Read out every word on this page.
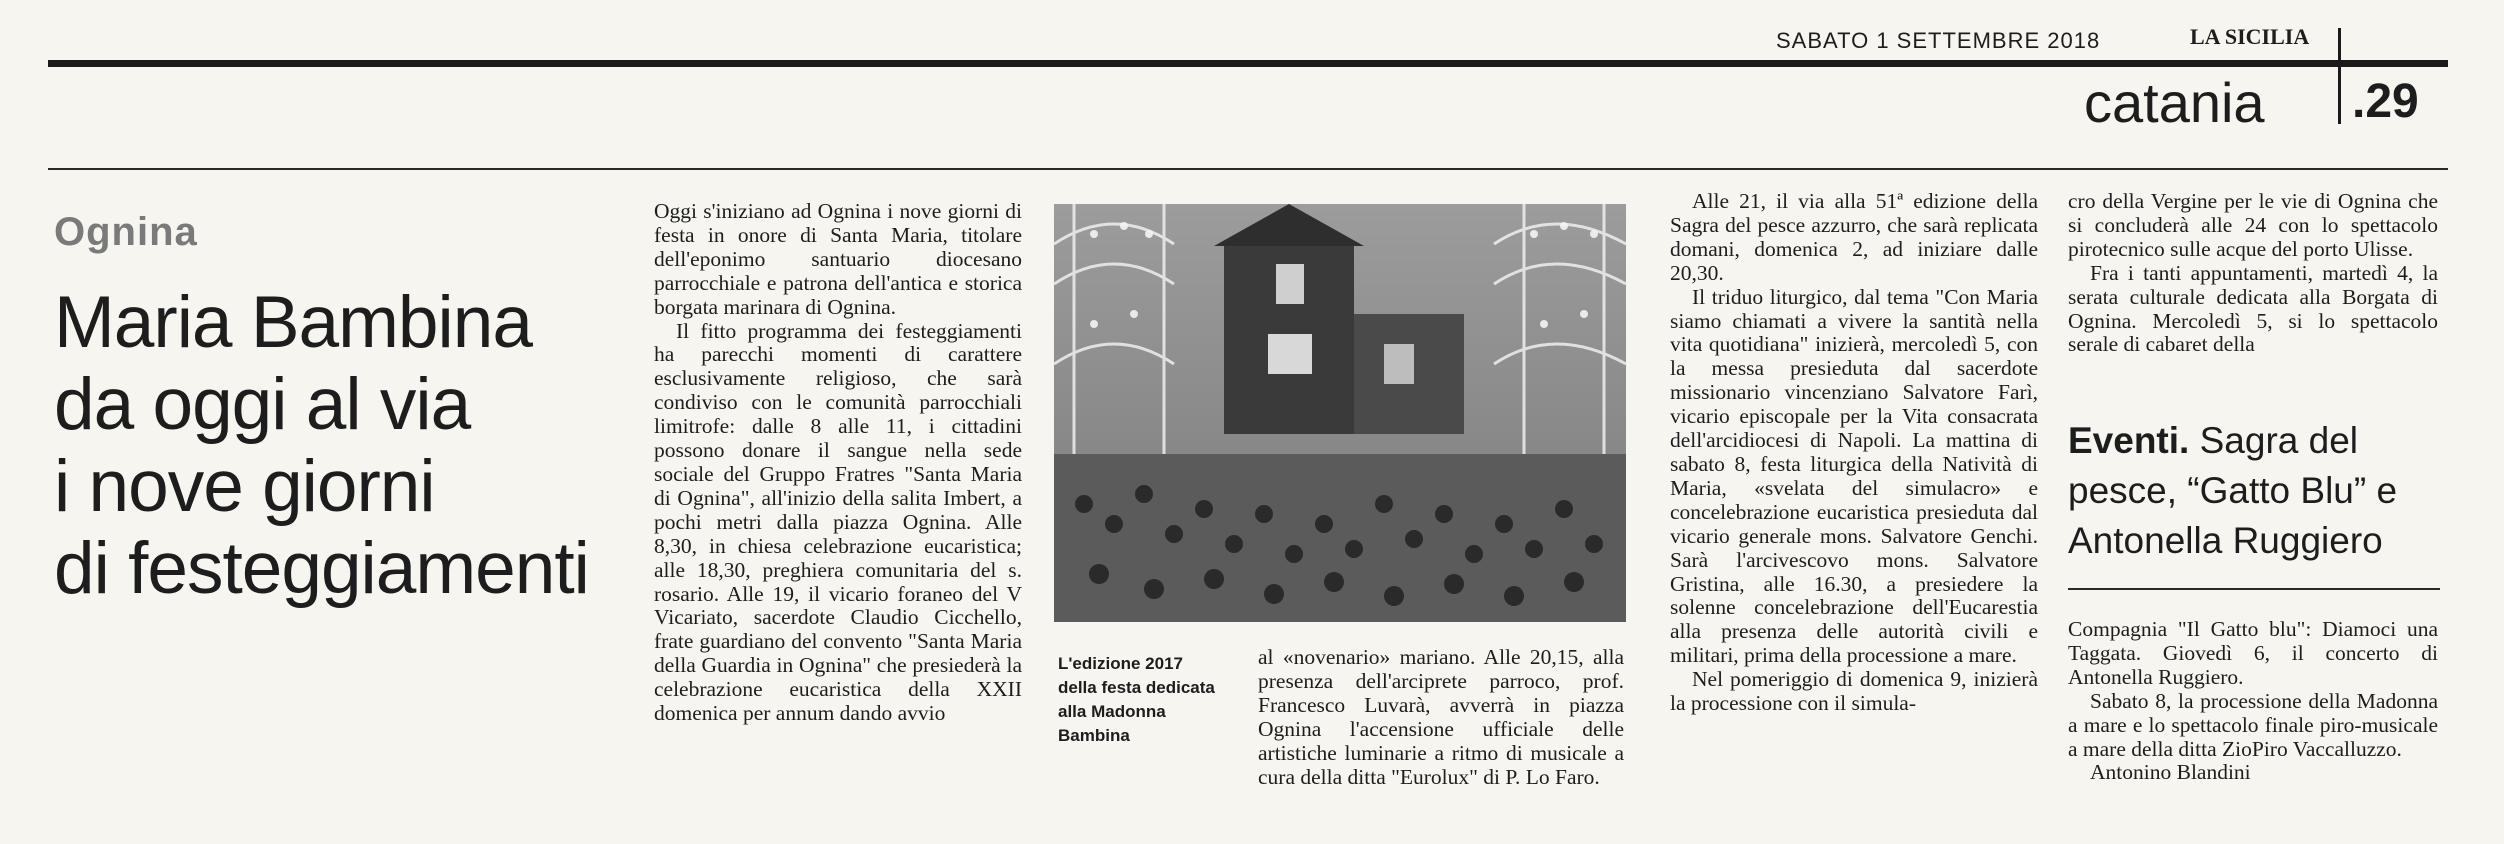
SABATO 1 SETTEMBRE 2018	LA SICILIA
catania .29
Ognina
Maria Bambina
da oggi al via
i nove giorni
di festeggiamenti

Oggi s'iniziano ad Ognina i nove giorni di festa in onore di Santa Maria, titolare dell'eponimo santuario diocesano parrocchiale e patrona dell'antica e storica borgata marinara di Ognina.

Il fitto programma dei festeggiamenti ha parecchi momenti di carattere esclusivamente religioso, che sarà condiviso con le comunità parrocchiali limitrofe: dalle 8 alle 11, i cittadini possono donare il sangue nella sede sociale del Gruppo Fratres "Santa Maria di Ognina", all'inizio della salita Imbert, a pochi metri dalla piazza Ognina. Alle 8,30, in chiesa celebrazione eucaristica; alle 18,30, preghiera comunitaria del s. rosario. Alle 19, il vicario foraneo del V Vicariato, sacerdote Claudio Cicchello, frate guardiano del convento "Santa Maria della Guardia in Ognina" che presiederà la celebrazione eucaristica della XXII domenica per annum dando avvio

L'edizione 2017 della festa dedicata alla Madonna Bambina

al «novenario» mariano. Alle 20,15, alla presenza dell'arciprete parroco, prof. Francesco Luvarà, avverrà in piazza Ognina l'accensione ufficiale delle artistiche luminarie a ritmo di musicale a cura della ditta "Eurolux" di P. Lo Faro.

Alle 21, il via alla 51ª edizione della Sagra del pesce azzurro, che sarà replicata domani, domenica 2, ad iniziare dalle 20,30.

Il triduo liturgico, dal tema "Con Maria siamo chiamati a vivere la santità nella vita quotidiana" inizierà, mercoledì 5, con la messa presieduta dal sacerdote missionario vincenziano Salvatore Farì, vicario episcopale per la Vita consacrata dell'arcidiocesi di Napoli. La mattina di sabato 8, festa liturgica della Natività di Maria, «svelata del simulacro» e concelebrazione eucaristica presieduta dal vicario generale mons. Salvatore Genchi. Sarà l'arcivescovo mons. Salvatore Gristina, alle 16.30, a presiedere la solenne concelebrazione dell'Eucarestia alla presenza delle autorità civili e militari, prima della processione a mare.

Nel pomeriggio di domenica 9, inizierà la processione con il simula-

cro della Vergine per le vie di Ognina che si concluderà alle 24 con lo spettacolo pirotecnico sulle acque del porto Ulisse.

Fra i tanti appuntamenti, martedì 4, la serata culturale dedicata alla Borgata di Ognina. Mercoledì 5, si lo spettacolo serale di cabaret della

Eventi. Sagra del pesce, “Gatto Blu” e Antonella Ruggiero

Compagnia "Il Gatto blu": Diamoci una Taggata. Giovedì 6, il concerto di Antonella Ruggiero.

Sabato 8, la processione della Madonna a mare e lo spettacolo finale piro-musicale a mare della ditta ZioPiro Vaccalluzzo.

Antonino Blandini
